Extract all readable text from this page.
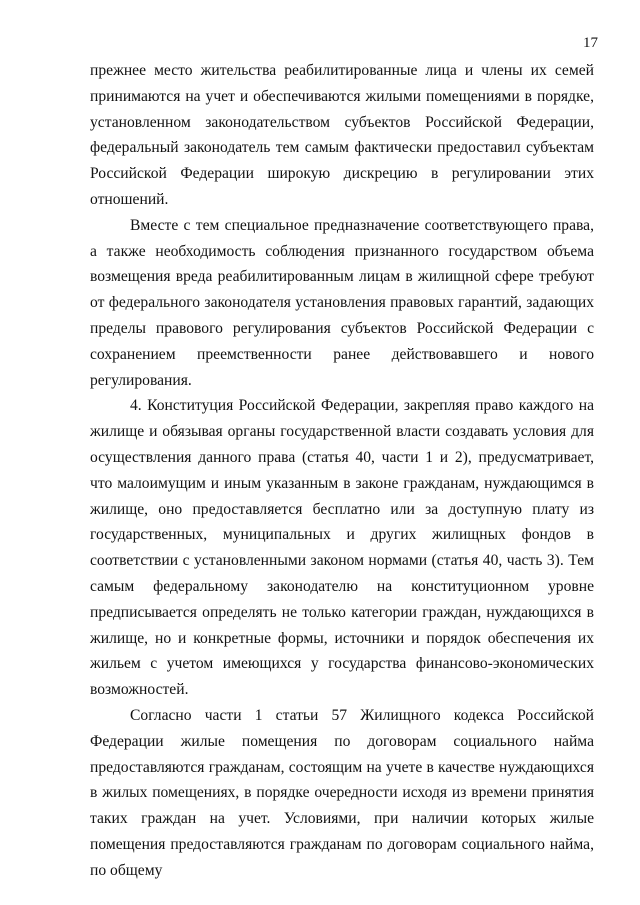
17

прежнее место жительства реабилитированные лица и члены их семей принимаются на учет и обеспечиваются жилыми помещениями в порядке, установленном законодательством субъектов Российской Федерации, федеральный законодатель тем самым фактически предоставил субъектам Российской Федерации широкую дискрецию в регулировании этих отношений.

Вместе с тем специальное предназначение соответствующего права, а также необходимость соблюдения признанного государством объема возмещения вреда реабилитированным лицам в жилищной сфере требуют от федерального законодателя установления правовых гарантий, задающих пределы правового регулирования субъектов Российской Федерации с сохранением преемственности ранее действовавшего и нового регулирования.

4. Конституция Российской Федерации, закрепляя право каждого на жилище и обязывая органы государственной власти создавать условия для осуществления данного права (статья 40, части 1 и 2), предусматривает, что малоимущим и иным указанным в законе гражданам, нуждающимся в жилище, оно предоставляется бесплатно или за доступную плату из государственных, муниципальных и других жилищных фондов в соответствии с установленными законом нормами (статья 40, часть 3). Тем самым федеральному законодателю на конституционном уровне предписывается определять не только категории граждан, нуждающихся в жилище, но и конкретные формы, источники и порядок обеспечения их жильем с учетом имеющихся у государства финансово-экономических возможностей.

Согласно части 1 статьи 57 Жилищного кодекса Российской Федерации жилые помещения по договорам социального найма предоставляются гражданам, состоящим на учете в качестве нуждающихся в жилых помещениях, в порядке очередности исходя из времени принятия таких граждан на учет. Условиями, при наличии которых жилые помещения предоставляются гражданам по договорам социального найма, по общему
